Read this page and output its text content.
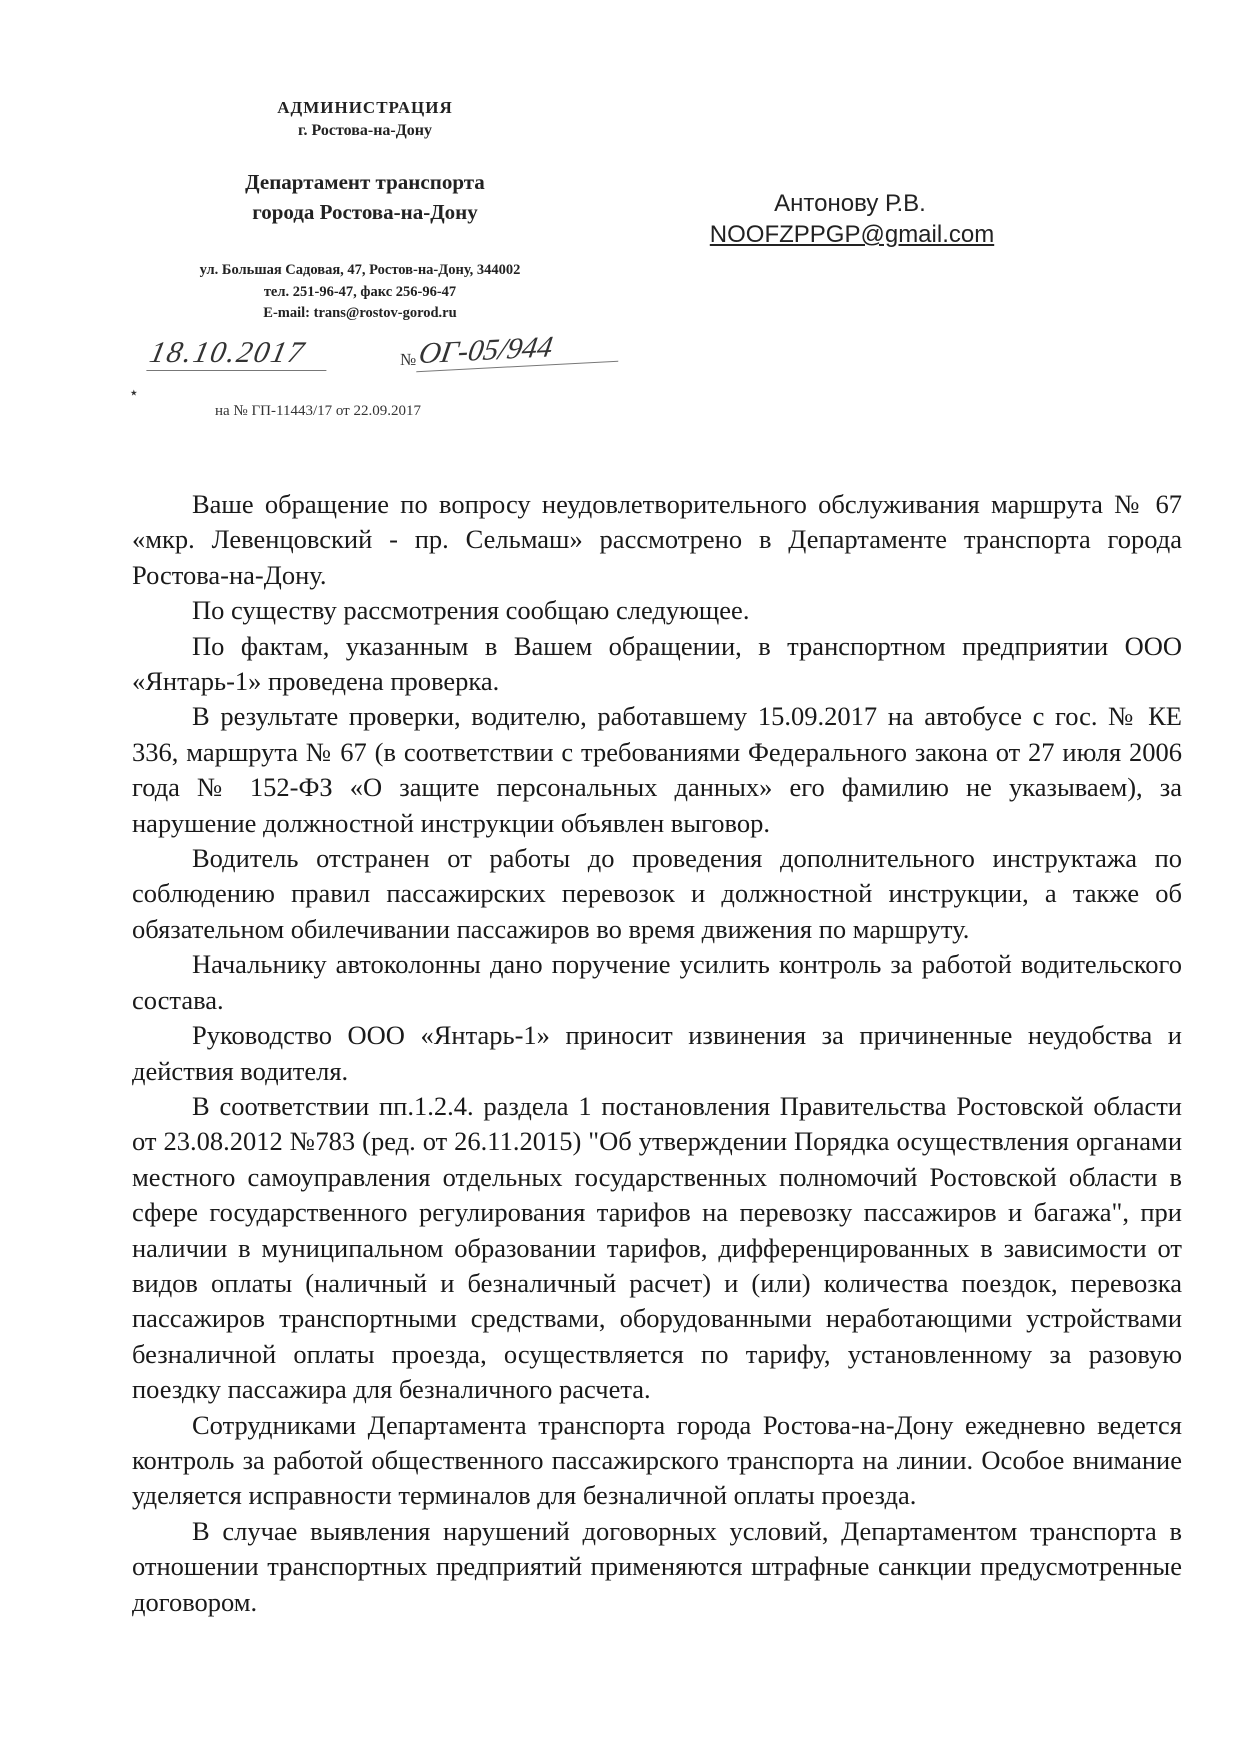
АДМИНИСТРАЦИЯ
г. Ростова-на-Дону
Департамент транспорта
города Ростова-на-Дону
ул. Большая Садовая, 47, Ростов-на-Дону, 344002
тел. 251-96-47, факс 256-96-47
E-mail: trans@rostov-gorod.ru
18.10.2017	№ ОГ-05/944
٭
на № ГП-11443/17 от 22.09.2017
Антонову Р.В.
NOOFZPPGP@gmail.com

Ваше обращение по вопросу неудовлетворительного обслуживания маршрута № 67 «мкр. Левенцовский - пр. Сельмаш» рассмотрено в Департаменте транспорта города Ростова-на-Дону.

По существу рассмотрения сообщаю следующее.

По фактам, указанным в Вашем обращении, в транспортном предприятии ООО «Янтарь-1» проведена проверка.

В результате проверки, водителю, работавшему 15.09.2017 на автобусе с гос. № КЕ 336, маршрута № 67 (в соответствии с требованиями Федерального закона от 27 июля 2006 года № 152-ФЗ «О защите персональных данных» его фамилию не указываем), за нарушение должностной инструкции объявлен выговор.

Водитель отстранен от работы до проведения дополнительного инструктажа по соблюдению правил пассажирских перевозок и должностной инструкции, а также об обязательном обилечивании пассажиров во время движения по маршруту.

Начальнику автоколонны дано поручение усилить контроль за работой водительского состава.

Руководство ООО «Янтарь-1» приносит извинения за причиненные неудобства и действия водителя.

В соответствии пп.1.2.4. раздела 1 постановления Правительства Ростовской области от 23.08.2012 №783 (ред. от 26.11.2015) "Об утверждении Порядка осуществления органами местного самоуправления отдельных государственных полномочий Ростовской области в сфере государственного регулирования тарифов на перевозку пассажиров и багажа", при наличии в муниципальном образовании тарифов, дифференцированных в зависимости от видов оплаты (наличный и безналичный расчет) и (или) количества поездок, перевозка пассажиров транспортными средствами, оборудованными неработающими устройствами безналичной оплаты проезда, осуществляется по тарифу, установленному за разовую поездку пассажира для безналичного расчета.

Сотрудниками Департамента транспорта города Ростова-на-Дону ежедневно ведется контроль за работой общественного пассажирского транспорта на линии. Особое внимание уделяется исправности терминалов для безналичной оплаты проезда.

В случае выявления нарушений договорных условий, Департаментом транспорта в отношении транспортных предприятий применяются штрафные санкции предусмотренные договором.
